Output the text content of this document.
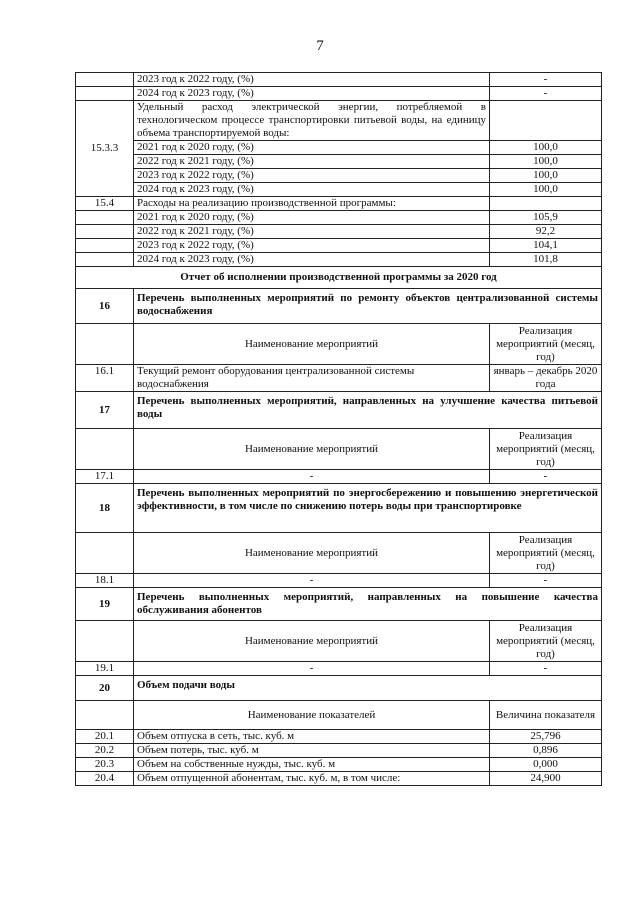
7
	2023 год к 2022 году, (%)	-
	2024 год к 2023 году, (%)	-
15.3.3	Удельный расход электрической энергии, потребляемой в технологическом процессе транспортировки питьевой воды, на единицу объема транспортируемой воды:	
	2021 год к 2020 году, (%)	100,0
	2022 год к 2021 году, (%)	100,0
	2023 год к 2022 году, (%)	100,0
	2024 год к 2023 году, (%)	100,0
15.4	Расходы на реализацию производственной программы:	
	2021 год к 2020 году, (%)	105,9
	2022 год к 2021 году, (%)	92,2
	2023 год к 2022 году, (%)	104,1
	2024 год к 2023 году, (%)	101,8
Отчет об исполнении производственной программы за 2020 год		
16	Перечень выполненных мероприятий по ремонту объектов централизованной системы водоснабжения	
	Наименование мероприятий	Реализация мероприятий (месяц, год)
16.1	Текущий ремонт оборудования централизованной системы водоснабжения	январь – декабрь 2020 года
17	Перечень выполненных мероприятий, направленных на улучшение качества питьевой воды	
	Наименование мероприятий	Реализация мероприятий (месяц, год)
17.1	-	-
18	Перечень выполненных мероприятий по энергосбережению и повышению энергетической эффективности, в том числе по снижению потерь воды при транспортировке	
	Наименование мероприятий	Реализация мероприятий (месяц, год)
18.1	-	-
19	Перечень выполненных мероприятий, направленных на повышение качества обслуживания абонентов	
	Наименование мероприятий	Реализация мероприятий (месяц, год)
19.1	-	-
20	Объем подачи воды	
	Наименование показателей	Величина показателя
20.1	Объем отпуска в сеть, тыс. куб. м	25,796
20.2	Объем потерь, тыс. куб. м	0,896
20.3	Объем на собственные нужды, тыс. куб. м	0,000
20.4	Объем отпущенной абонентам, тыс. куб. м, в том числе:	24,900
